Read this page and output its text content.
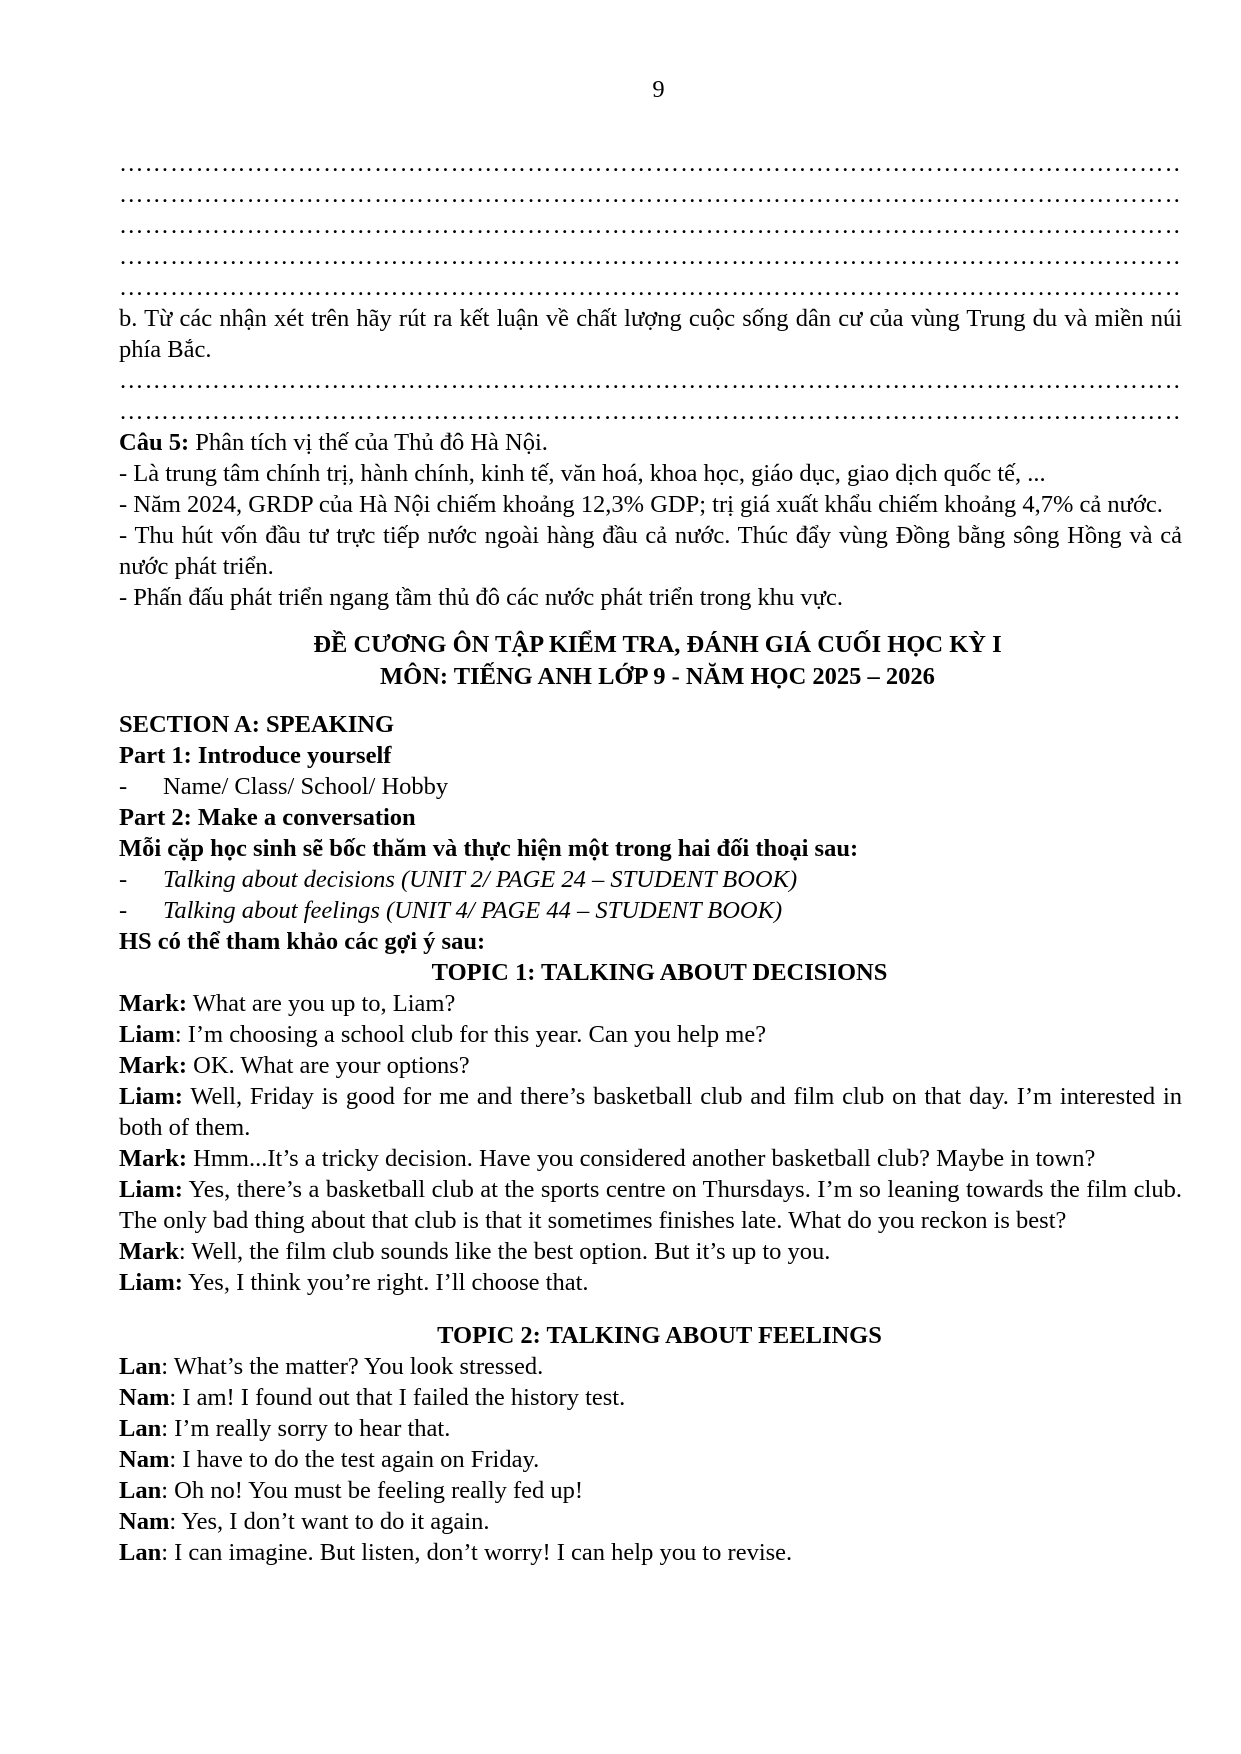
9
………………………………………………………………………………………………………………………………………………
………………………………………………………………………………………………………………………………………………
………………………………………………………………………………………………………………………………………………
………………………………………………………………………………………………………………………………………………
………………………………………………………………………………………………………………………………………………
b. Từ các nhận xét trên hãy rút ra kết luận về chất lượng cuộc sống dân cư của vùng Trung du và miền núi phía Bắc.
………………………………………………………………………………………………………………………………………………
………………………………………………………………………………………………………………………………………………
Câu 5: Phân tích vị thế của Thủ đô Hà Nội.
- Là trung tâm chính trị, hành chính, kinh tế, văn hoá, khoa học, giáo dục, giao dịch quốc tế, ...
- Năm 2024, GRDP của Hà Nội chiếm khoảng 12,3% GDP; trị giá xuất khẩu chiếm khoảng 4,7% cả nước.
- Thu hút vốn đầu tư trực tiếp nước ngoài hàng đầu cả nước. Thúc đẩy vùng Đồng bằng sông Hồng và cả nước phát triển.
- Phấn đấu phát triển ngang tầm thủ đô các nước phát triển trong khu vực.
ĐỀ CƯƠNG ÔN TẬP KIỂM TRA, ĐÁNH GIÁ CUỐI HỌC KỲ I
MÔN: TIẾNG ANH LỚP 9 - NĂM HỌC 2025 – 2026
SECTION A: SPEAKING
Part 1: Introduce yourself
-	Name/ Class/ School/ Hobby
Part 2: Make a conversation
Mỗi cặp học sinh sẽ bốc thăm và thực hiện một trong hai đối thoại sau:
-	Talking about decisions (UNIT 2/ PAGE 24 – STUDENT BOOK)
-	Talking about feelings (UNIT 4/ PAGE 44 – STUDENT BOOK)
HS có thể tham khảo các gợi ý sau:
TOPIC 1: TALKING ABOUT DECISIONS
Mark: What are you up to, Liam?
Liam: I’m choosing a school club for this year. Can you help me?
Mark: OK. What are your options?
Liam: Well, Friday is good for me and there’s basketball club and film club on that day. I’m interested in both of them.
Mark: Hmm...It’s a tricky decision. Have you considered another basketball club? Maybe in town?
Liam: Yes, there’s a basketball club at the sports centre on Thursdays. I’m so leaning towards the film club. The only bad thing about that club is that it sometimes finishes late. What do you reckon is best?
Mark: Well, the film club sounds like the best option. But it’s up to you.
Liam: Yes, I think you’re right. I’ll choose that.
TOPIC 2: TALKING ABOUT FEELINGS
Lan: What’s the matter? You look stressed.
Nam: I am! I found out that I failed the history test.
Lan: I’m really sorry to hear that.
Nam: I have to do the test again on Friday.
Lan: Oh no! You must be feeling really fed up!
Nam: Yes, I don’t want to do it again.
Lan: I can imagine. But listen, don’t worry! I can help you to revise.
